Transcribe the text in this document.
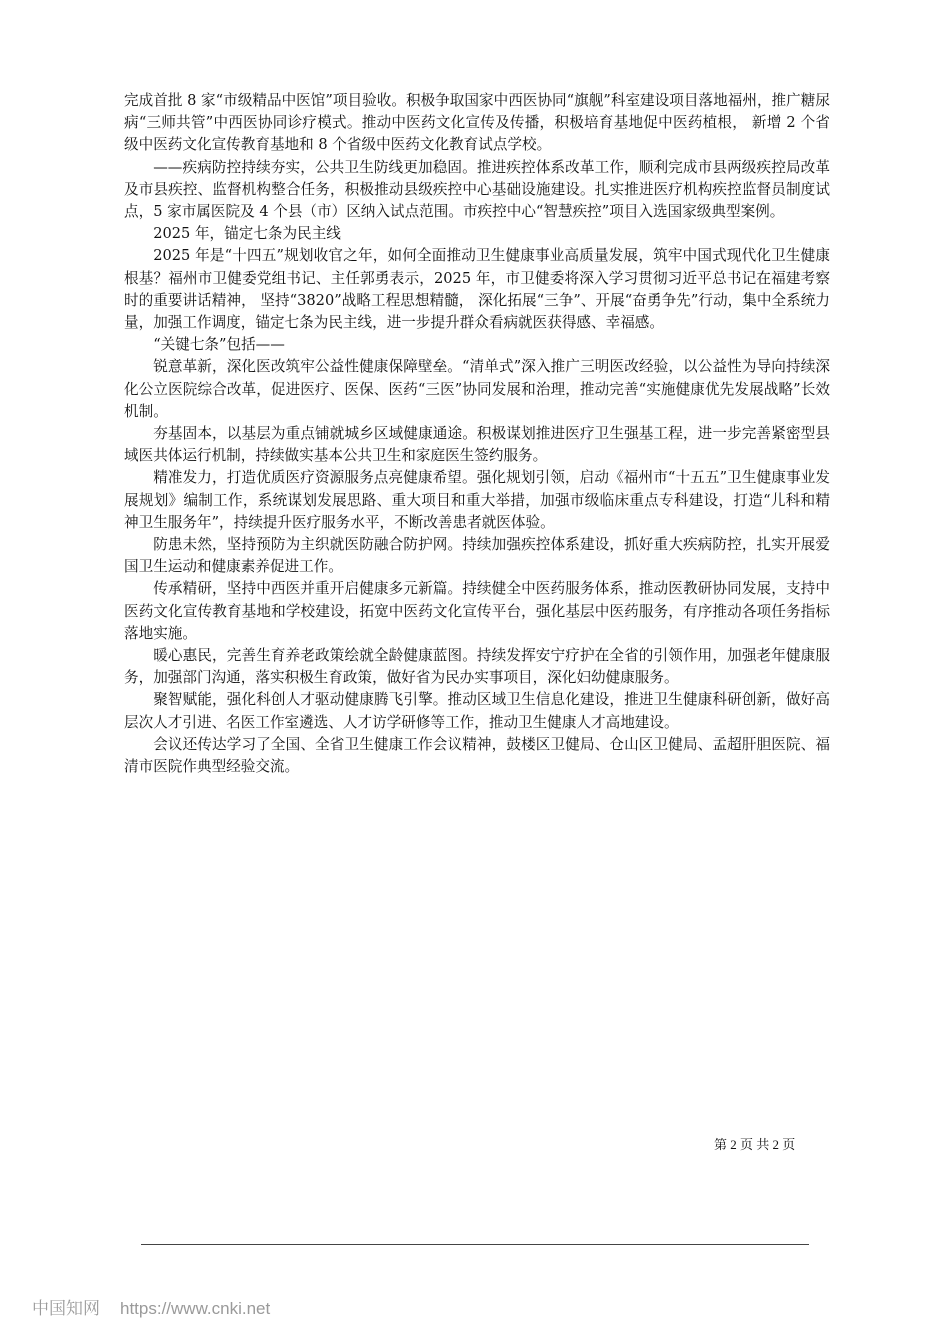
完成首批 8 家“市级精品中医馆”项目验收。积极争取国家中西医协同“旗舰”科室建设项目落地福州，推广糖尿病“三师共管”中西医协同诊疗模式。推动中医药文化宣传及传播，积极培育基地促中医药植根， 新增 2 个省级中医药文化宣传教育基地和 8 个省级中医药文化教育试点学校。

——疾病防控持续夯实，公共卫生防线更加稳固。推进疾控体系改革工作，顺利完成市县两级疾控局改革及市县疾控、监督机构整合任务，积极推动县级疾控中心基础设施建设。扎实推进医疗机构疾控监督员制度试点，5 家市属医院及 4 个县（市）区纳入试点范围。市疾控中心“智慧疾控”项目入选国家级典型案例。

2025 年，锚定七条为民主线

2025 年是“十四五”规划收官之年，如何全面推动卫生健康事业高质量发展，筑牢中国式现代化卫生健康根基？福州市卫健委党组书记、主任郭勇表示，2025 年，市卫健委将深入学习贯彻习近平总书记在福建考察时的重要讲话精神， 坚持“3820”战略工程思想精髓， 深化拓展“三争”、开展“奋勇争先”行动，集中全系统力量，加强工作调度，锚定七条为民主线，进一步提升群众看病就医获得感、幸福感。

“关键七条”包括——

锐意革新，深化医改筑牢公益性健康保障壁垒。“清单式”深入推广三明医改经验，以公益性为导向持续深化公立医院综合改革，促进医疗、医保、医药“三医”协同发展和治理，推动完善“实施健康优先发展战略”长效机制。

夯基固本，以基层为重点铺就城乡区域健康通途。积极谋划推进医疗卫生强基工程，进一步完善紧密型县域医共体运行机制，持续做实基本公共卫生和家庭医生签约服务。

精准发力，打造优质医疗资源服务点亮健康希望。强化规划引领，启动《福州市“十五五”卫生健康事业发展规划》编制工作，系统谋划发展思路、重大项目和重大举措，加强市级临床重点专科建设，打造“儿科和精神卫生服务年”，持续提升医疗服务水平，不断改善患者就医体验。

防患未然，坚持预防为主织就医防融合防护网。持续加强疾控体系建设，抓好重大疾病防控，扎实开展爱国卫生运动和健康素养促进工作。

传承精研，坚持中西医并重开启健康多元新篇。持续健全中医药服务体系，推动医教研协同发展，支持中医药文化宣传教育基地和学校建设，拓宽中医药文化宣传平台，强化基层中医药服务，有序推动各项任务指标落地实施。

暖心惠民，完善生育养老政策绘就全龄健康蓝图。持续发挥安宁疗护在全省的引领作用，加强老年健康服务，加强部门沟通，落实积极生育政策，做好省为民办实事项目，深化妇幼健康服务。

聚智赋能，强化科创人才驱动健康腾飞引擎。推动区域卫生信息化建设，推进卫生健康科研创新，做好高层次人才引进、名医工作室遴选、人才访学研修等工作，推动卫生健康人才高地建设。

会议还传达学习了全国、全省卫生健康工作会议精神，鼓楼区卫健局、仓山区卫健局、孟超肝胆医院、福清市医院作典型经验交流。

第 2 页 共 2 页
中国知网 https://www.cnki.net
